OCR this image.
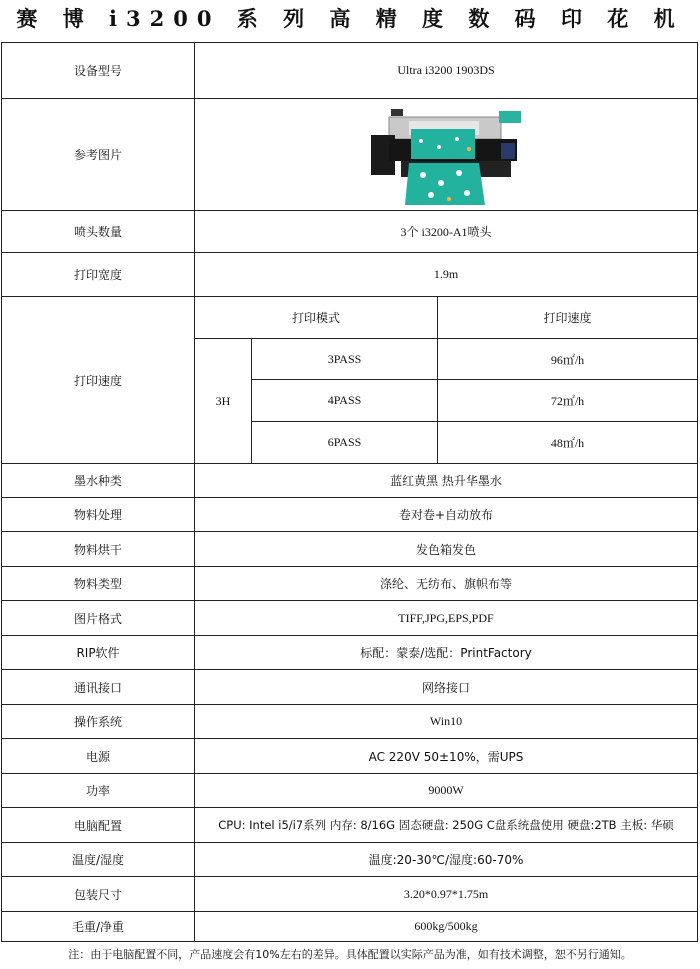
赛 博 i3200 系 列 高 精 度 数 码 印 花 机
设备型号	Ultra i3200 1903DS
参考图片
喷头数量	3个 i3200-A1喷头
打印宽度	1.9m
打印速度
打印模式	打印速度
3H
3PASS	96㎡/h
4PASS	72㎡/h
6PASS	48㎡/h
墨水种类	蓝红黄黑 热升华墨水
物料处理	卷对卷+自动放布
物料烘干	发色箱发色
物料类型	涤纶、无纺布、旗帜布等
图片格式	TIFF,JPG,EPS,PDF
RIP软件	标配：蒙泰/选配：PrintFactory
通讯接口	网络接口
操作系统	Win10
电源	AC 220V 50±10%，需UPS
功率	9000W
电脑配置	CPU: Intel i5/i7系列 内存: 8/16G 固态硬盘: 250G C盘系统盘使用 硬盘:2TB 主板: 华硕
温度/湿度	温度:20-30℃/湿度:60-70%
包装尺寸	3.20*0.97*1.75m
毛重/净重	600kg/500kg
注：由于电脑配置不同，产品速度会有10%左右的差异。具体配置以实际产品为准，如有技术调整，恕不另行通知。
